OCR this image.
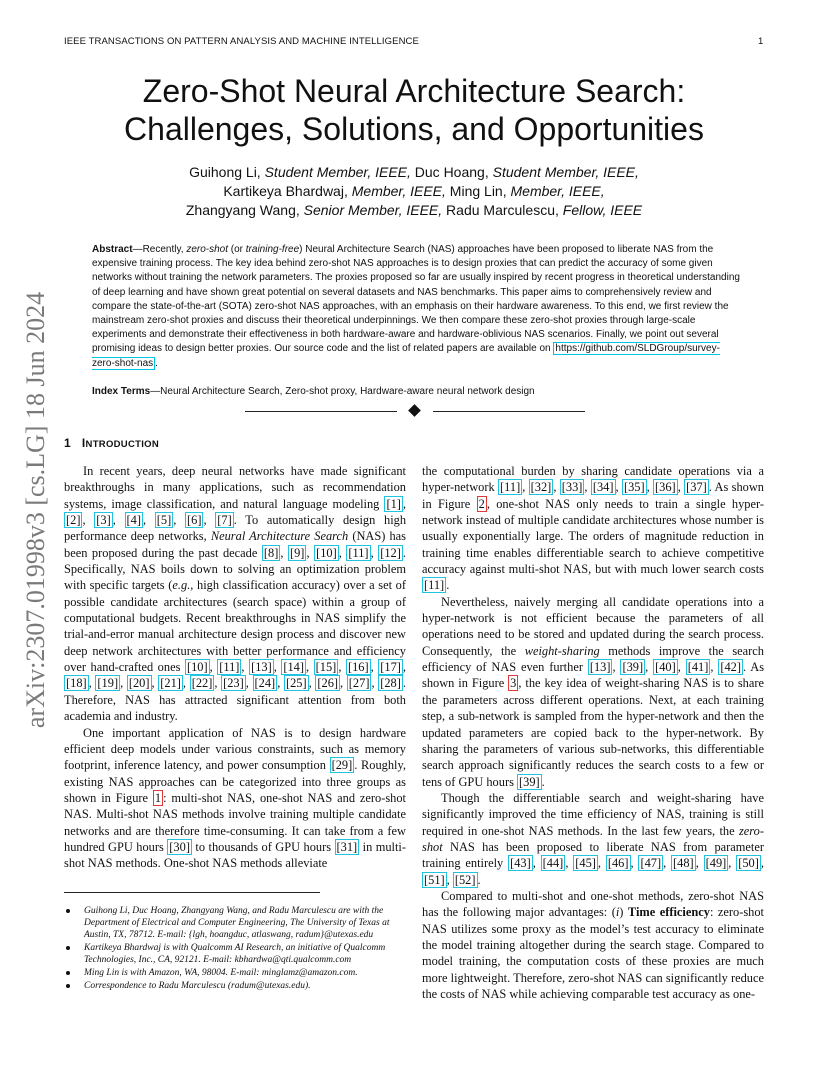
IEEE TRANSACTIONS ON PATTERN ANALYSIS AND MACHINE INTELLIGENCE	1
arXiv:2307.01998v3 [cs.LG] 18 Jun 2024
Zero-Shot Neural Architecture Search:
Challenges, Solutions, and Opportunities
Guihong Li, Student Member, IEEE, Duc Hoang, Student Member, IEEE,
Kartikeya Bhardwaj, Member, IEEE, Ming Lin, Member, IEEE,
Zhangyang Wang, Senior Member, IEEE, Radu Marculescu, Fellow, IEEE
Abstract—Recently, zero-shot (or training-free) Neural Architecture Search (NAS) approaches have been proposed to liberate NAS from the expensive training process. The key idea behind zero-shot NAS approaches is to design proxies that can predict the accuracy of some given networks without training the network parameters. The proxies proposed so far are usually inspired by recent progress in theoretical understanding of deep learning and have shown great potential on several datasets and NAS benchmarks. This paper aims to comprehensively review and compare the state-of-the-art (SOTA) zero-shot NAS approaches, with an emphasis on their hardware awareness. To this end, we first review the mainstream zero-shot proxies and discuss their theoretical underpinnings. We then compare these zero-shot proxies through large-scale experiments and demonstrate their effectiveness in both hardware-aware and hardware-oblivious NAS scenarios. Finally, we point out several promising ideas to design better proxies. Our source code and the list of related papers are available on https://github.com/SLDGroup/survey-zero-shot-nas .
Index Terms—Neural Architecture Search, Zero-shot proxy, Hardware-aware neural network design
1 INTRODUCTION

In recent years, deep neural networks have made significant breakthroughs in many applications, such as recommendation systems, image classification, and natural language modeling [1] , [2] , [3] , [4] , [5] , [6] , [7] . To automatically design high performance deep networks, Neural Architecture Search (NAS) has been proposed during the past decade [8] , [9] , [10] , [11] , [12] . Specifically, NAS boils down to solving an optimization problem with specific targets (e.g., high classification accuracy) over a set of possible candidate architectures (search space) within a group of computational budgets. Recent breakthroughs in NAS simplify the trial-and-error manual architecture design process and discover new deep network architectures with better performance and efficiency over hand-crafted ones [10] , [11] , [13] , [14] , [15] , [16] , [17] , [18] , [19] , [20] , [21] , [22] , [23] , [24] , [25] , [26] , [27] , [28] . Therefore, NAS has attracted significant attention from both academia and industry.

One important application of NAS is to design hardware efficient deep models under various constraints, such as memory footprint, inference latency, and power consumption [29] . Roughly, existing NAS approaches can be categorized into three groups as shown in Figure 1 : multi-shot NAS, one-shot NAS and zero-shot NAS. Multi-shot NAS methods involve training multiple candidate networks and are therefore time-consuming. It can take from a few hundred GPU hours [30] to thousands of GPU hours [31] in multi-shot NAS methods. One-shot NAS methods alleviate

the computational burden by sharing candidate operations via a hyper-network [11] , [32] , [33] , [34] , [35] , [36] , [37] . As shown in Figure 2 , one-shot NAS only needs to train a single hyper-network instead of multiple candidate architectures whose number is usually exponentially large. The orders of magnitude reduction in training time enables differentiable search to achieve competitive accuracy against multi-shot NAS, but with much lower search costs [11] .

Nevertheless, naively merging all candidate operations into a hyper-network is not efficient because the parameters of all operations need to be stored and updated during the search process. Consequently, the weight-sharing methods improve the search efficiency of NAS even further [13] , [39] , [40] , [41] , [42] . As shown in Figure 3 , the key idea of weight-sharing NAS is to share the parameters across different operations. Next, at each training step, a sub-network is sampled from the hyper-network and then the updated parameters are copied back to the hyper-network. By sharing the parameters of various sub-networks, this differentiable search approach significantly reduces the search costs to a few or tens of GPU hours [39] .

Though the differentiable search and weight-sharing have significantly improved the time efficiency of NAS, training is still required in one-shot NAS methods. In the last few years, the zero-shot NAS has been proposed to liberate NAS from parameter training entirely [43] , [44] , [45] , [46] , [47] , [48] , [49] , [50] , [51] , [52] .

Compared to multi-shot and one-shot methods, zero-shot NAS has the following major advantages: (i) Time efficiency: zero-shot NAS utilizes some proxy as the model’s test accuracy to eliminate the model training altogether during the search stage. Compared to model training, the computation costs of these proxies are much more lightweight. Therefore, zero-shot NAS can significantly reduce the costs of NAS while achieving comparable test accuracy as one-

Guihong Li, Duc Hoang, Zhangyang Wang, and Radu Marculescu are with the Department of Electrical and Computer Engineering, The University of Texas at Austin, TX, 78712. E-mail: {lgh, hoangduc, atlaswang, radum}@utexas.edu
Kartikeya Bhardwaj is with Qualcomm AI Research, an initiative of Qualcomm Technologies, Inc., CA, 92121. E-mail: kbhardwa@qti.qualcomm.com
Ming Lin is with Amazon, WA, 98004. E-mail: minglamz@amazon.com.
Correspondence to Radu Marculescu (radum@utexas.edu).
